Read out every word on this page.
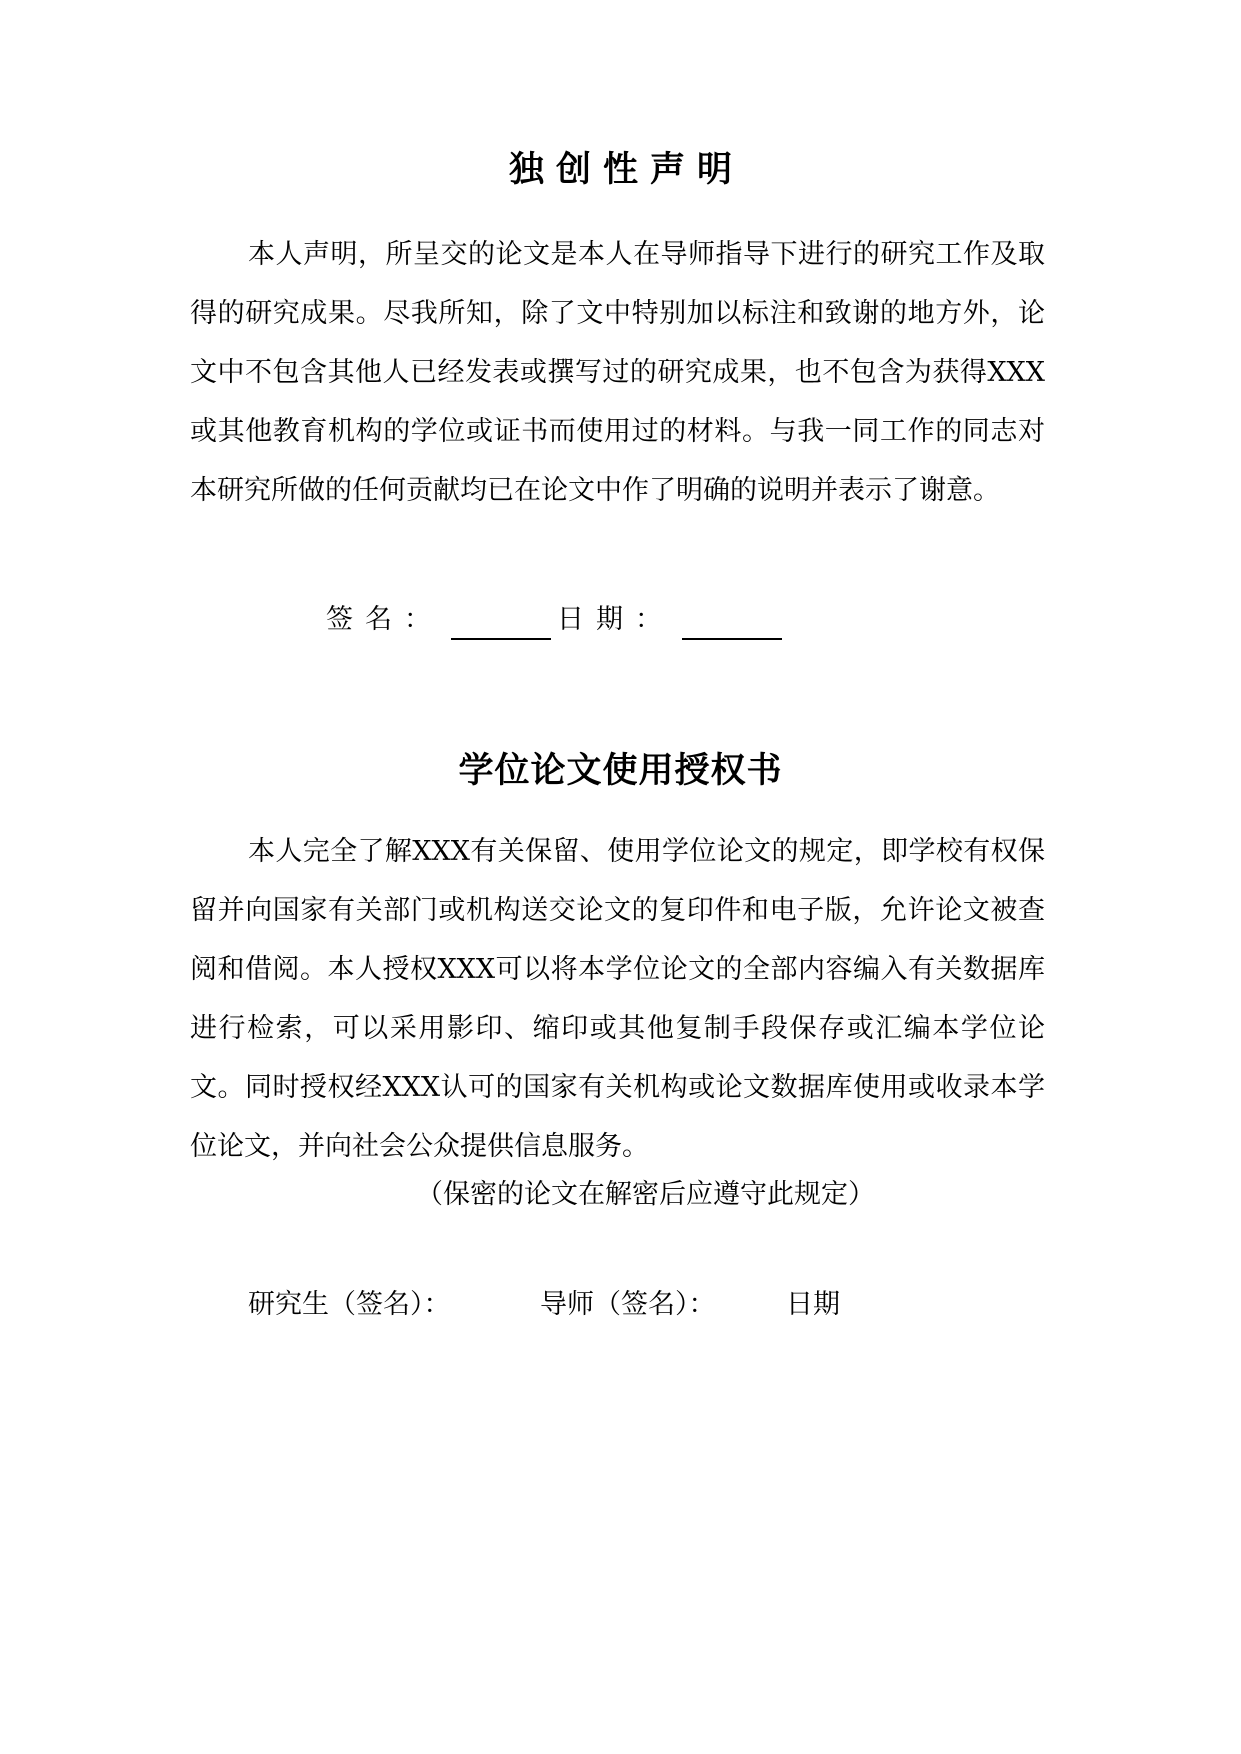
独创性声明
本人声明，所呈交的论文是本人在导师指导下进行的研究工作及取得的研究成果。尽我所知，除了文中特别加以标注和致谢的地方外，论文中不包含其他人已经发表或撰写过的研究成果，也不包含为获得XXX或其他教育机构的学位或证书而使用过的材料。与我一同工作的同志对本研究所做的任何贡献均已在论文中作了明确的说明并表示了谢意。
签名：	日期：
学位论文使用授权书
本人完全了解XXX有关保留、使用学位论文的规定，即学校有权保留并向国家有关部门或机构送交论文的复印件和电子版，允许论文被查阅和借阅。本人授权XXX可以将本学位论文的全部内容编入有关数据库进行检索，可以采用影印、缩印或其他复制手段保存或汇编本学位论文。同时授权经XXX认可的国家有关机构或论文数据库使用或收录本学位论文，并向社会公众提供信息服务。
（保密的论文在解密后应遵守此规定）
研究生（签名）：	导师（签名）：	日期
